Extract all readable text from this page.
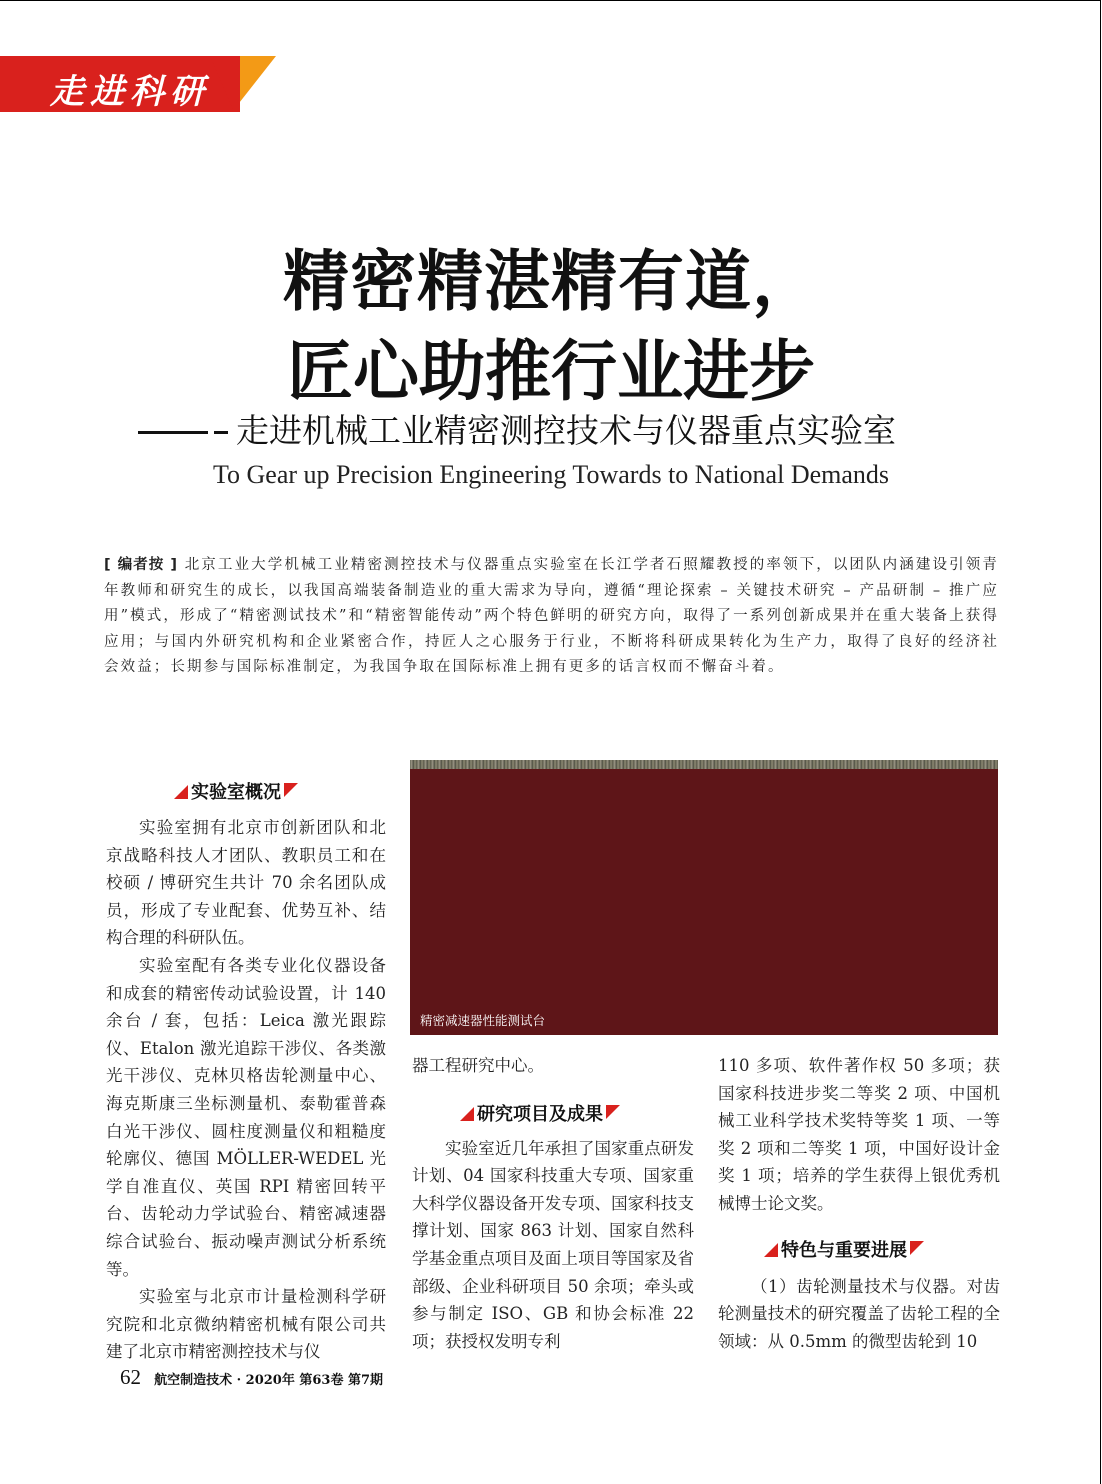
走进科研
精密精湛精有道，
匠心助推行业进步
走进机械工业精密测控技术与仪器重点实验室
To Gear up Precision Engineering Towards to National Demands
[ 编者按 ] 北京工业大学机械工业精密测控技术与仪器重点实验室在长江学者石照耀教授的率领下，以团队内涵建设引领青年教师和研究生的成长，以我国高端装备制造业的重大需求为导向，遵循“理论探索 – 关键技术研究 – 产品研制 – 推广应用”模式，形成了“精密测试技术”和“精密智能传动”两个特色鲜明的研究方向，取得了一系列创新成果并在重大装备上获得应用；与国内外研究机构和企业紧密合作，持匠人之心服务于行业，不断将科研成果转化为生产力，取得了良好的经济社会效益；长期参与国际标准制定，为我国争取在国际标准上拥有更多的话言权而不懈奋斗着。
实验室概况

实验室拥有北京市创新团队和北京战略科技人才团队、教职员工和在校硕 / 博研究生共计 70 余名团队成员，形成了专业配套、优势互补、结构合理的科研队伍。

实验室配有各类专业化仪器设备和成套的精密传动试验设置，计 140 余台 / 套，包括：Leica 激光跟踪仪、Etalon 激光追踪干涉仪、各类激光干涉仪、克林贝格齿轮测量中心、海克斯康三坐标测量机、泰勒霍普森白光干涉仪、圆柱度测量仪和粗糙度轮廓仪、德国 MÖLLER-WEDEL 光学自准直仪、英国 RPI 精密回转平台、齿轮动力学试验台、精密减速器综合试验台、振动噪声测试分析系统等。

实验室与北京市计量检测科学研究院和北京微纳精密机械有限公司共建了北京市精密测控技术与仪

精密减速器性能测试台

器工程研究中心。

实验室近几年承担了国家重点研发计划、04 国家科技重大专项、国家重大科学仪器设备开发专项、国家科技支撑计划、国家 863 计划、国家自然科学基金重点项目及面上项目等国家及省部级、企业科研项目 50 余项；牵头或参与制定 ISO、GB 和协会标准 22 项；获授权发明专利

研究项目及成果

110 多项、软件著作权 50 多项；获国家科技进步奖二等奖 2 项、中国机械工业科学技术奖特等奖 1 项、一等奖 2 项和二等奖 1 项，中国好设计金奖 1 项；培养的学生获得上银优秀机械博士论文奖。

（1）齿轮测量技术与仪器。对齿轮测量技术的研究覆盖了齿轮工程的全领域：从 0.5mm 的微型齿轮到 10

特色与重要进展
62 航空制造技术 · 2020年 第63卷 第7期
